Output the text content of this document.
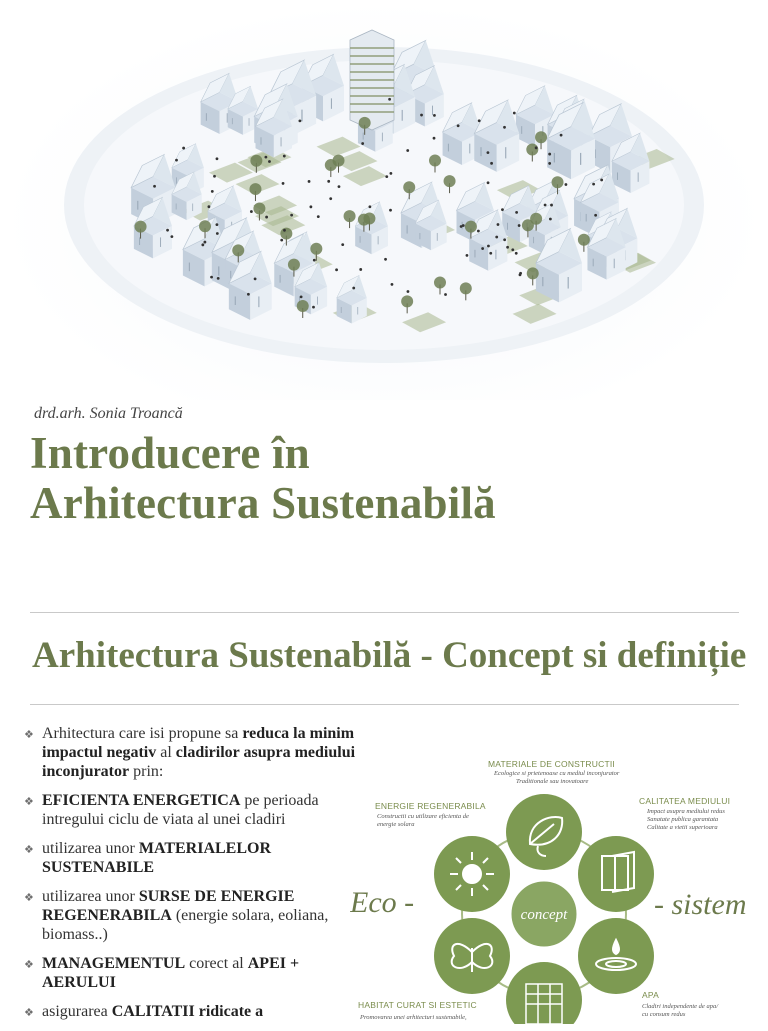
drd.arh. Sonia Troancă
Introducere în
Arhitectura Sustenabilă
Arhitectura Sustenabilă - Concept si definiție
❖ Arhitectura care isi propune sa reduca la minim impactul negativ al cladirilor asupra mediului inconjurator prin:
❖ EFICIENTA ENERGETICA pe perioada intregului ciclu de viata al unei cladiri
❖ utilizarea unor MATERIALELOR SUSTENABILE
❖ utilizarea unor SURSE DE ENERGIE REGENERABILA (energie solara, eoliana, biomass..)
❖ MANAGEMENTUL corect al APEI + AERULUI
❖ asigurarea CALITATII ridicate a
concept
Eco -	- sistem
MATERIALE DE CONSTRUCTII
Ecologice si prietenoase cu mediul inconjurator
Traditionale sau inovatoare
ENERGIE REGENERABILA
Constructii cu utilizare eficienta de
energie solara
CALITATEA MEDIULUI
Impact asupra mediului redus
Sanatate publica garantata
Calitate a vietii superioara
HABITAT CURAT SI ESTETIC
Promovarea unei arhitecturi sustenabile,
APA
Cladiri independente de apa/
cu consum redus
